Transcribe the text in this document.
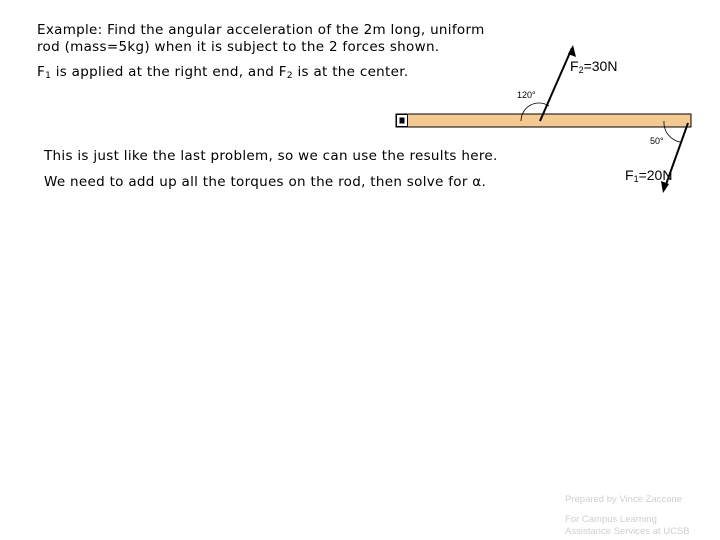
Example: Find the angular acceleration of the 2m long, uniform
rod (mass=5kg) when it is subject to the 2 forces shown.
$F_1$ is applied at the right end, and $F_2$ is at the center.
120°
50°
$F_2=30N$
$F_1=20N$
This is just like the last problem, so we can use the results here.
We need to add up all the torques on the rod, then solve for α.
Prepared by Vince Zaccone
For Campus Learning
Assistance Services at UCSB
